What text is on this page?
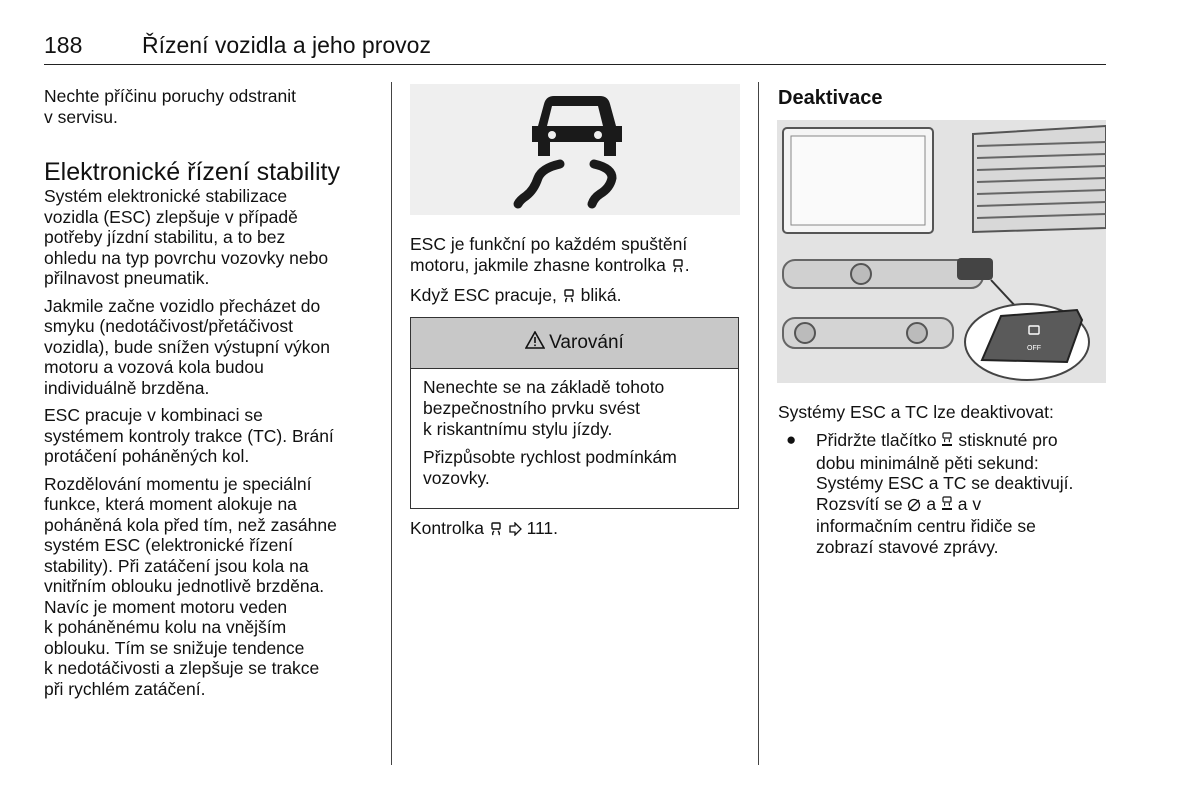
188	Řízení vozidla a jeho provoz

Nechte příčinu poruchy odstranit
v servisu.

Elektronické řízení stability

Systém elektronické stabilizace
vozidla (ESC) zlepšuje v případě
potřeby jízdní stabilitu, a to bez
ohledu na typ povrchu vozovky nebo
přilnavost pneumatik.

Jakmile začne vozidlo přecházet do
smyku (nedotáčivost/přetáčivost
vozidla), bude snížen výstupní výkon
motoru a vozová kola budou
individuálně brzděna.

ESC pracuje v kombinaci se
systémem kontroly trakce (TC). Brání
protáčení poháněných kol.

Rozdělování momentu je speciální
funkce, která moment alokuje na
poháněná kola před tím, než zasáhne
systém ESC (elektronické řízení
stability). Při zatáčení jsou kola na
vnitřním oblouku jednotlivě brzděna.
Navíc je moment motoru veden
k poháněnému kolu na vnějším
oblouku. Tím se snižuje tendence
k nedotáčivosti a zlepšuje se trakce
při rychlém zatáčení.

ESC je funkční po každém spuštění
motoru, jakmile zhasne kontrolka .

Když ESC pracuje, bliká.

Varování

Nenechte se na základě tohoto
bezpečnostního prvku svést
k riskantnímu stylu jízdy.

Přizpůsobte rychlost podmínkám
vozovky.

Kontrolka 111.
Deaktivace
OFF

Systémy ESC a TC lze deaktivovat:

● Přidržte tlačítko stisknuté pro
dobu minimálně pěti sekund:
Systémy ESC a TC se deaktivují.
Rozsvítí se a a v
informačním centru řidiče se
zobrazí stavové zprávy.
